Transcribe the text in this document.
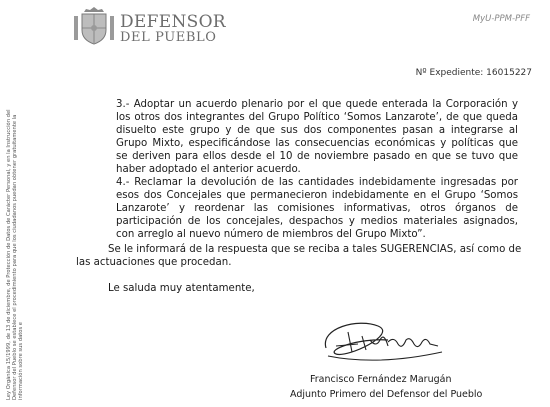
Ley Orgánica 15/1999, de 13 de diciembre, de Protección de Datos de Carácter Personal, y en la Instrucción del Defensor del Pueblo se establece el procedimiento para que los ciudadanos puedan obtener gratuitamente la información sobre sus datos e
DEFENSOR
DEL PUEBLO
MyU-PPM-PFF
Nº Expediente: 16015227
3.- Adoptar un acuerdo plenario por el que quede enterada la Corporación y los otros dos integrantes del Grupo Político ‘Somos Lanzarote’, de que queda disuelto este grupo y de que sus dos componentes pasan a integrarse al Grupo Mixto, especificándose las consecuencias económicas y políticas que se deriven para ellos desde el 10 de noviembre pasado en que se tuvo que haber adoptado el anterior acuerdo.
4.- Reclamar la devolución de las cantidades indebidamente ingresadas por esos dos Concejales que permanecieron indebidamente en el Grupo ‘Somos Lanzarote’ y reordenar las comisiones informativas, otros órganos de participación de los concejales, despachos y medios materiales asignados, con arreglo al nuevo número de miembros del Grupo Mixto”.
Se le informará de la respuesta que se reciba a tales SUGERENCIAS, así como de las actuaciones que procedan.
Le saluda muy atentamente,
Francisco Fernández Marugán
Adjunto Primero del Defensor del Pueblo
